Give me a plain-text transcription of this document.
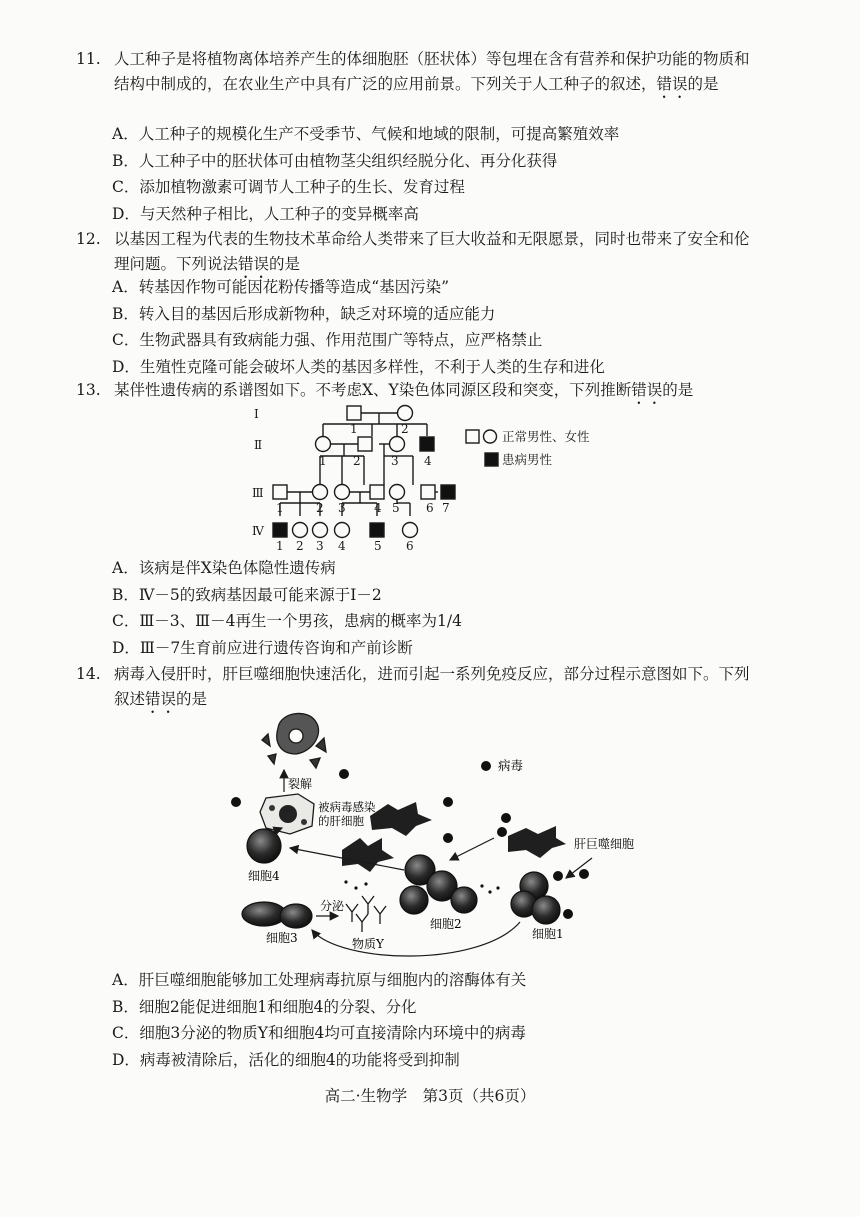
11. 人工种子是将植物离体培养产生的体细胞胚（胚状体）等包埋在含有营养和保护功能的物质和结构中制成的，在农业生产中具有广泛的应用前景。下列关于人工种子的叙述，错误的是
A．人工种子的规模化生产不受季节、气候和地域的限制，可提高繁殖效率
B．人工种子中的胚状体可由植物茎尖组织经脱分化、再分化获得
C．添加植物激素可调节人工种子的生长、发育过程
D．与天然种子相比，人工种子的变异概率高
12. 以基因工程为代表的生物技术革命给人类带来了巨大收益和无限愿景，同时也带来了安全和伦理问题。下列说法错误的是
A．转基因作物可能因花粉传播等造成“基因污染”
B．转入目的基因后形成新物种，缺乏对环境的适应能力
C．生物武器具有致病能力强、作用范围广等特点，应严格禁止
D．生殖性克隆可能会破坏人类的基因多样性，不利于人类的生存和进化
13. 某伴性遗传病的系谱图如下。不考虑X、Y染色体同源区段和突变，下列推断错误的是
Ⅰ
Ⅱ
Ⅲ
Ⅳ
1	2
1 2	3 4
1	2 3 4 5 6 7
1 2 3 4 5 6
正常男性、女性
患病男性
A．该病是伴X染色体隐性遗传病
B．Ⅳ－5的致病基因最可能来源于Ⅰ－2
C．Ⅲ－3、Ⅲ－4再生一个男孩，患病的概率为1/4
D．Ⅲ－7生育前应进行遗传咨询和产前诊断
14. 病毒入侵肝时，肝巨噬细胞快速活化，进而引起一系列免疫反应，部分过程示意图如下。下列叙述错误的是
裂解
被病毒感染
的肝细胞
细胞4
病毒
肝巨噬细胞
细胞2
细胞1
细胞3
分泌
物质Y
A．肝巨噬细胞能够加工处理病毒抗原与细胞内的溶酶体有关
B．细胞2能促进细胞1和细胞4的分裂、分化
C．细胞3分泌的物质Y和细胞4均可直接清除内环境中的病毒
D．病毒被清除后，活化的细胞4的功能将受到抑制
高二·生物学　第3页（共6页）
